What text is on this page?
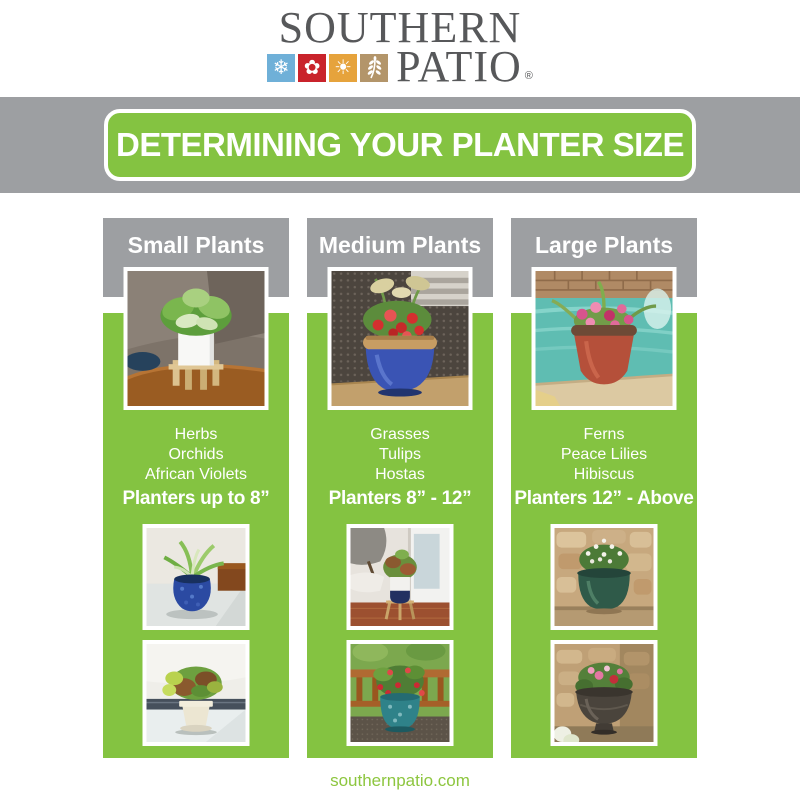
SOUTHERN
❄ ✿ ☀ PATIO ®
DETERMINING YOUR PLANTER SIZE
Small Plants
Herbs
Orchids
African Violets
Planters up to 8”
Medium Plants
Grasses
Tulips
Hostas
Planters 8” - 12”
Large Plants
Ferns
Peace Lilies
Hibiscus
Planters 12” - Above
southernpatio.com
